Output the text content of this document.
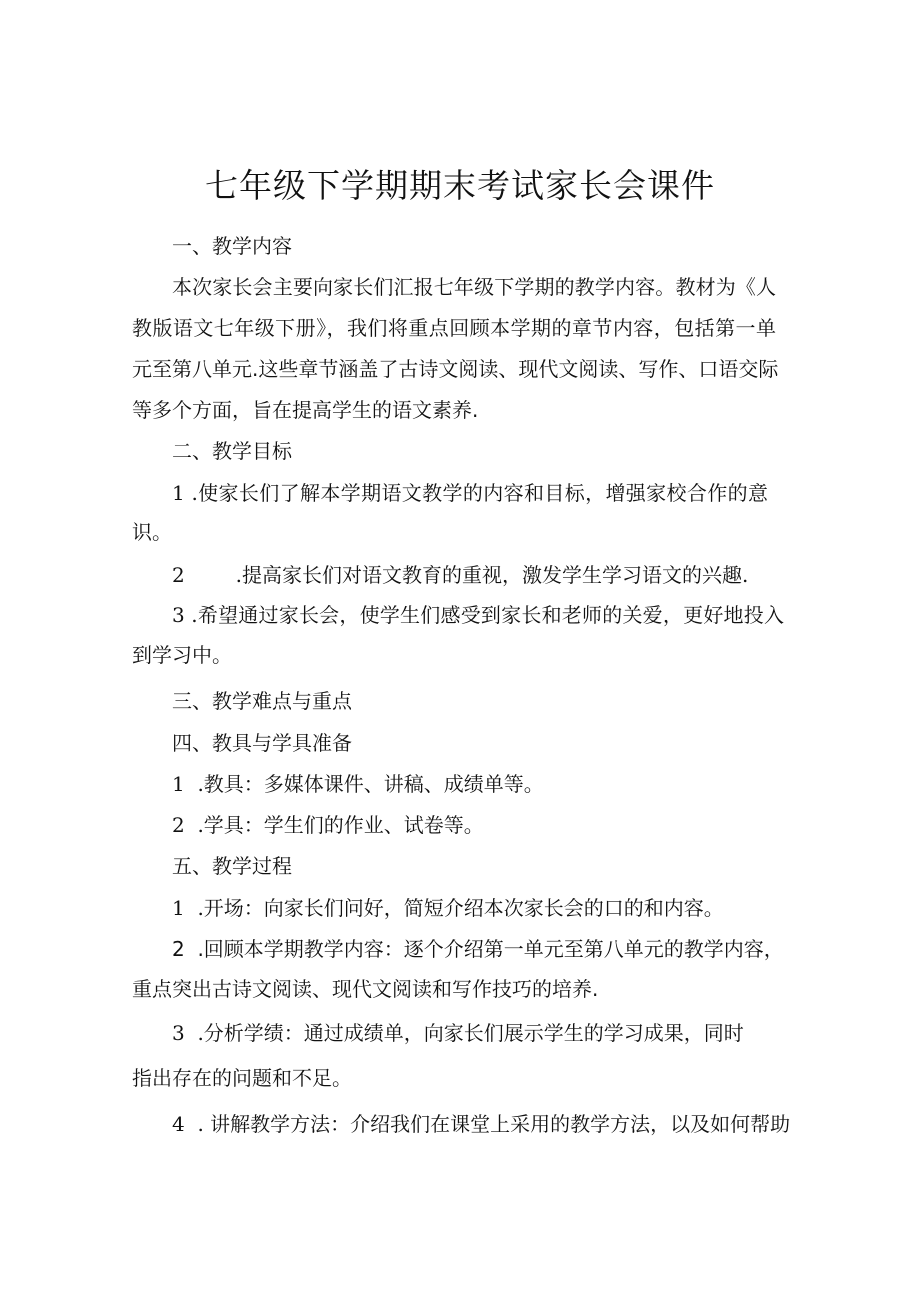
七年级下学期期末考试家长会课件
一、教学内容
本次家长会主要向家长们汇报七年级下学期的教学内容。教材为《人
教版语文七年级下册》，我们将重点回顾本学期的章节内容，包括第一单
元至第八单元.这些章节涵盖了古诗文阅读、现代文阅读、写作、口语交际
等多个方面，旨在提高学生的语文素养.
二、教学目标
1 .使家长们了解本学期语文教学的内容和目标，增强家校合作的意
识。
2        .提高家长们对语文教育的重视，激发学生学习语文的兴趣.
3 .希望通过家长会，使学生们感受到家长和老师的关爱，更好地投入
到学习中。
三、教学难点与重点
四、教具与学具准备
1  .教具：多媒体课件、讲稿、成绩单等。
2  .学具：学生们的作业、试卷等。
五、教学过程
1  .开场：向家长们问好，简短介绍本次家长会的口的和内容。
2  .回顾本学期教学内容：逐个介绍第一单元至第八单元的教学内容，
重点突出古诗文阅读、现代文阅读和写作技巧的培养.
3  .分析学绩：通过成绩单，向家长们展示学生的学习成果，同时
指出存在的问题和不足。
4  . 讲解教学方法：介绍我们在课堂上采用的教学方法，以及如何帮助
